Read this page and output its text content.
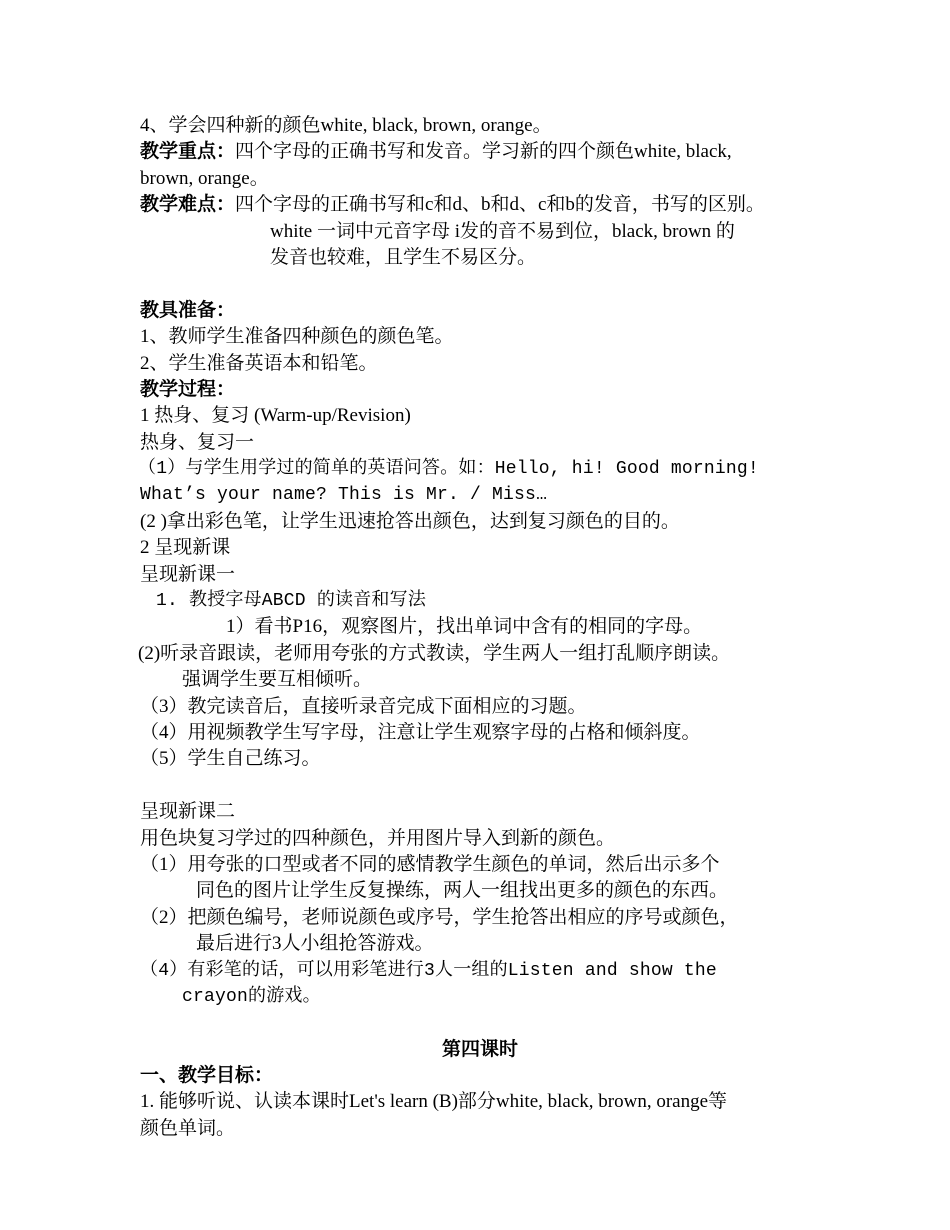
4、学会四种新的颜色white, black, brown, orange。
教学重点：四个字母的正确书写和发音。学习新的四个颜色white, black,
brown, orange。
教学难点：四个字母的正确书写和c和d、b和d、c和b的发音，书写的区别。
white 一词中元音字母 i发的音不易到位，black, brown 的
发音也较难，且学生不易区分。
教具准备：
1、教师学生准备四种颜色的颜色笔。
2、学生准备英语本和铅笔。
教学过程：
1 热身、复习 (Warm-up/Revision)
热身、复习一
（1）与学生用学过的简单的英语问答。如：Hello, hi! Good morning!
What’s your name? This is Mr. / Miss…
(2 )拿出彩色笔，让学生迅速抢答出颜色，达到复习颜色的目的。
2 呈现新课
呈现新课一
1. 教授字母ABCD 的读音和写法
1）看书P16，观察图片，找出单词中含有的相同的字母。
(2)听录音跟读，老师用夸张的方式教读，学生两人一组打乱顺序朗读。
强调学生要互相倾听。
（3）教完读音后，直接听录音完成下面相应的习题。
（4）用视频教学生写字母，注意让学生观察字母的占格和倾斜度。
（5）学生自己练习。
呈现新课二
用色块复习学过的四种颜色，并用图片导入到新的颜色。
（1）用夸张的口型或者不同的感情教学生颜色的单词，然后出示多个
同色的图片让学生反复操练，两人一组找出更多的颜色的东西。
（2）把颜色编号，老师说颜色或序号，学生抢答出相应的序号或颜色，
最后进行3人小组抢答游戏。
（4）有彩笔的话，可以用彩笔进行3人一组的Listen and show the
crayon的游戏。
第四课时
一、教学目标：
1. 能够听说、认读本课时Let's learn (B)部分white, black, brown, orange等
颜色单词。
